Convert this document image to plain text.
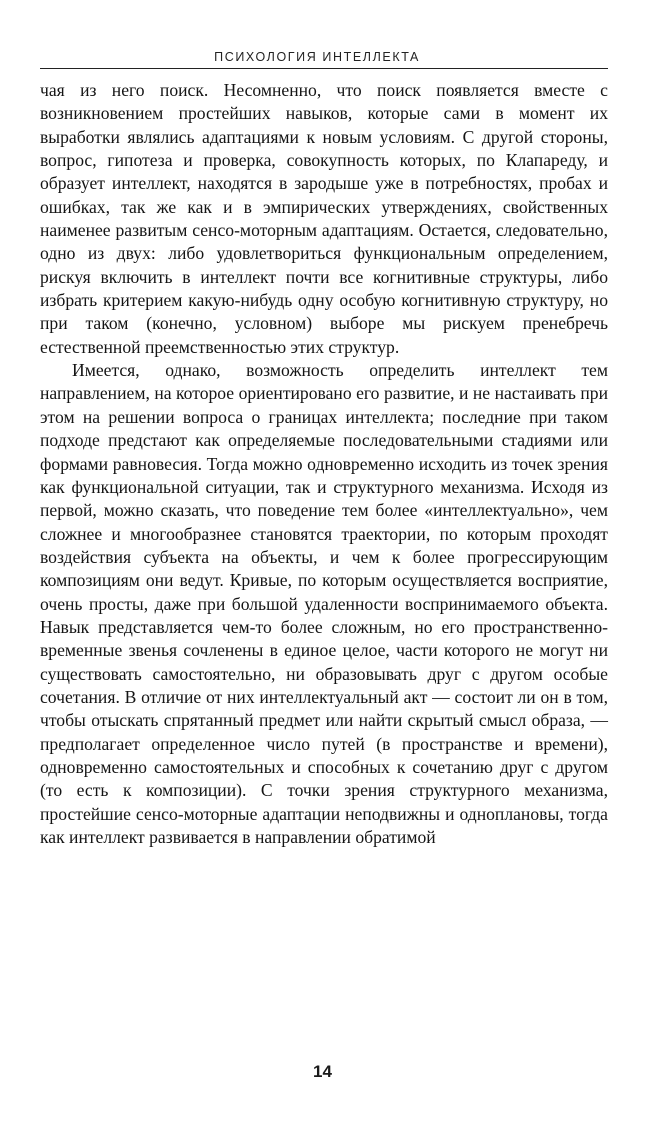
ПСИХОЛОГИЯ ИНТЕЛЛЕКТА

чая из него поиск. Несомненно, что поиск появляется вместе с возникновением простейших навыков, которые сами в момент их выработки являлись адаптациями к новым условиям. С другой стороны, вопрос, гипотеза и проверка, совокупность которых, по Клапареду, и образует интеллект, находятся в зародыше уже в потребностях, пробах и ошибках, так же как и в эмпирических утверждениях, свойственных наименее развитым сенсо-моторным адаптациям. Остается, следовательно, одно из двух: либо удовлетвориться функциональным определением, рискуя включить в интеллект почти все когнитивные структуры, либо избрать критерием какую-нибудь одну особую когнитивную структуру, но при таком (конечно, условном) выборе мы рискуем пренебречь естественной преемственностью этих структур.

Имеется, однако, возможность определить интеллект тем направлением, на которое ориентировано его развитие, и не настаивать при этом на решении вопроса о границах интеллекта; последние при таком подходе предстают как определяемые последовательными стадиями или формами равновесия. Тогда можно одновременно исходить из точек зрения как функциональной ситуации, так и структурного механизма. Исходя из первой, можно сказать, что поведение тем более «интеллектуально», чем сложнее и многообразнее становятся траектории, по которым проходят воздействия субъекта на объекты, и чем к более прогрессирующим композициям они ведут. Кривые, по которым осуществляется восприятие, очень просты, даже при большой удаленности воспринимаемого объекта. Навык представляется чем-то более сложным, но его пространственно-временные звенья сочленены в единое целое, части которого не могут ни существовать самостоятельно, ни образовывать друг с другом особые сочетания. В отличие от них интеллектуальный акт — состоит ли он в том, чтобы отыскать спрятанный предмет или найти скрытый смысл образа, — предполагает определенное число путей (в пространстве и времени), одновременно самостоятельных и способных к сочетанию друг с другом (то есть к композиции). С точки зрения структурного механизма, простейшие сенсо-моторные адаптации неподвижны и одноплановы, тогда как интеллект развивается в направлении обратимой

14
